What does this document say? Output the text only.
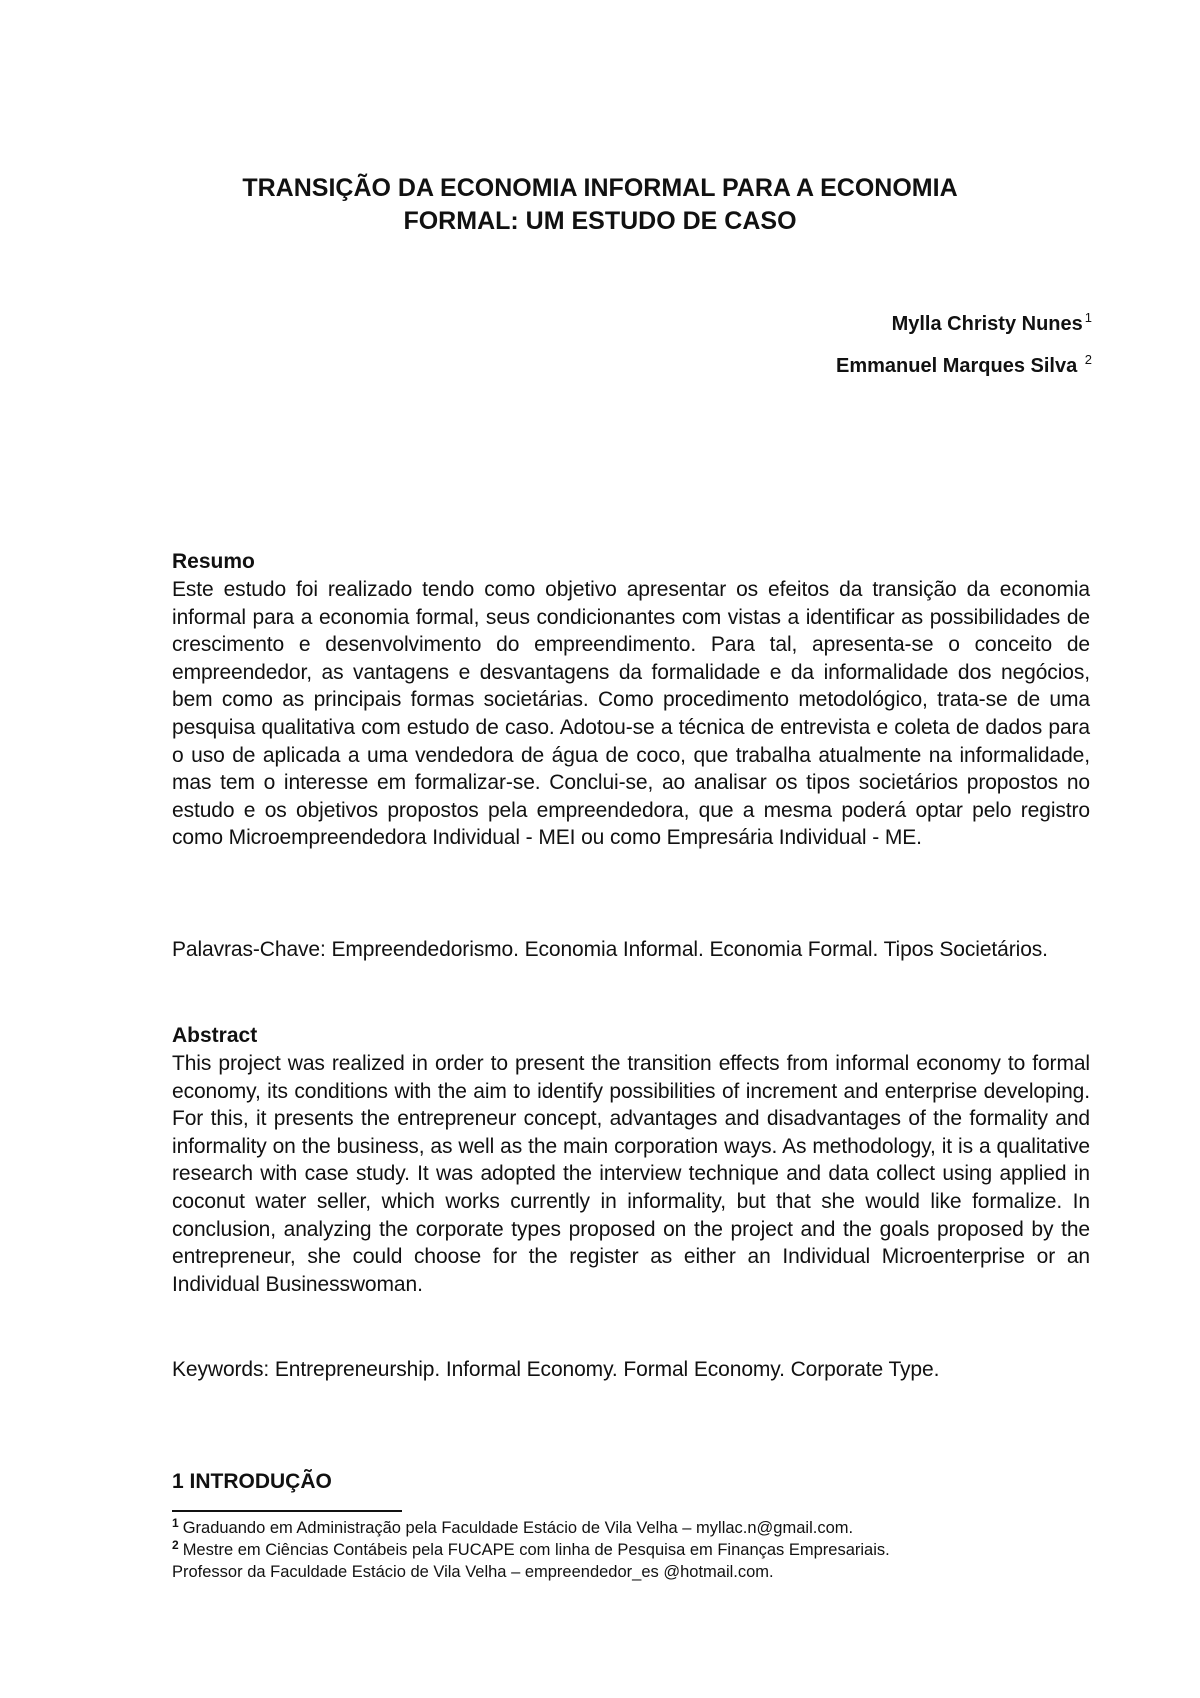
TRANSIÇÃO DA ECONOMIA INFORMAL PARA A ECONOMIA
FORMAL: UM ESTUDO DE CASO

Mylla Christy Nunes $^1$

Emmanuel Marques Silva $^2$

Resumo

Este estudo foi realizado tendo como objetivo apresentar os efeitos da transição da economia informal para a economia formal, seus condicionantes com vistas a identificar as possibilidades de crescimento e desenvolvimento do empreendimento. Para tal, apresenta-se o conceito de empreendedor, as vantagens e desvantagens da formalidade e da informalidade dos negócios, bem como as principais formas societárias. Como procedimento metodológico, trata-se de uma pesquisa qualitativa com estudo de caso. Adotou-se a técnica de entrevista e coleta de dados para o uso de aplicada a uma vendedora de água de coco, que trabalha atualmente na informalidade, mas tem o interesse em formalizar-se. Conclui-se, ao analisar os tipos societários propostos no estudo e os objetivos propostos pela empreendedora, que a mesma poderá optar pelo registro como Microempreendedora Individual - MEI ou como Empresária Individual - ME.

Palavras-Chave: Empreendedorismo. Economia Informal. Economia Formal. Tipos Societários.

Abstract

This project was realized in order to present the transition effects from informal economy to formal economy, its conditions with the aim to identify possibilities of increment and enterprise developing. For this, it presents the entrepreneur concept, advantages and disadvantages of the formality and informality on the business, as well as the main corporation ways. As methodology, it is a qualitative research with case study. It was adopted the interview technique and data collect using applied in coconut water seller, which works currently in informality, but that she would like formalize. In conclusion, analyzing the corporate types proposed on the project and the goals proposed by the entrepreneur, she could choose for the register as either an Individual Microenterprise or an Individual Businesswoman.

Keywords: Entrepreneurship. Informal Economy. Formal Economy. Corporate Type.

1 INTRODUÇÃO

$^1$ Graduando em Administração pela Faculdade Estácio de Vila Velha – myllac.n@gmail.com.

$^2$ Mestre em Ciências Contábeis pela FUCAPE com linha de Pesquisa em Finanças Empresariais.

Professor da Faculdade Estácio de Vila Velha – empreendedor_es @hotmail.com.
